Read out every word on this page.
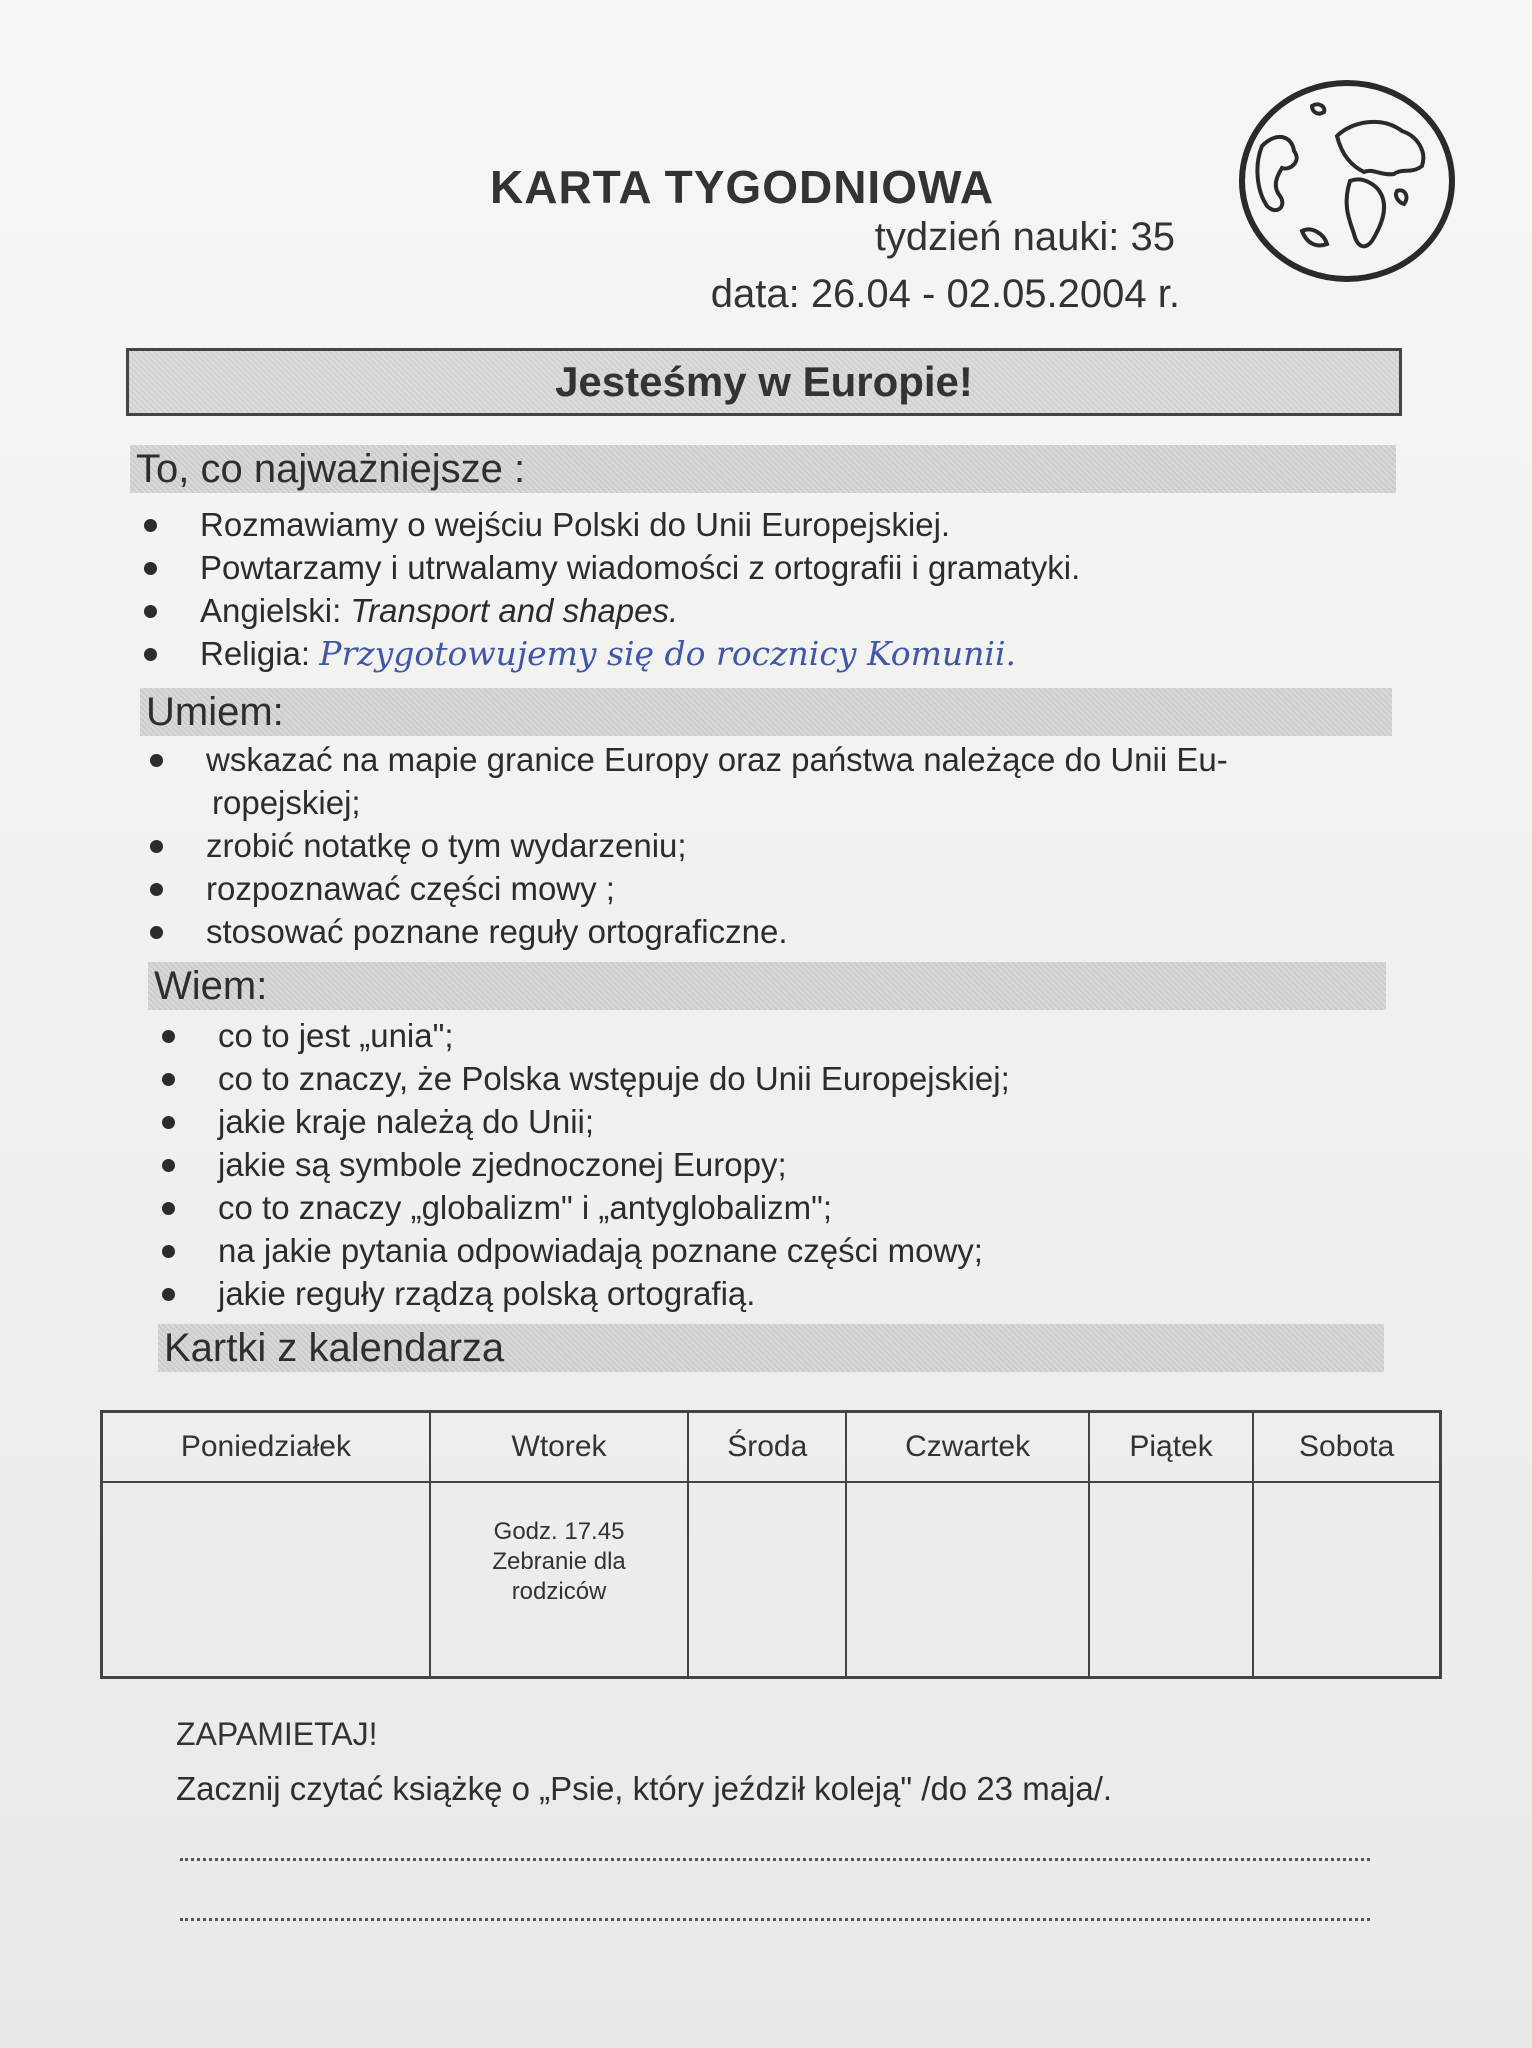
KARTA TYGODNIOWA
tydzień nauki: 35
data: 26.04 - 02.05.2004 r.
Jesteśmy w Europie!
To, co najważniejsze :
Rozmawiamy o wejściu Polski do Unii Europejskiej.
Powtarzamy i utrwalamy wiadomości z ortografii i gramatyki.
Angielski: Transport and shapes.
Religia: Przygotowujemy się do rocznicy Komunii.
Umiem:
wskazać na mapie granice Europy oraz państwa należące do Unii Eu-
ropejskiej;
zrobić notatkę o tym wydarzeniu;
rozpoznawać części mowy ;
stosować poznane reguły ortograficzne.
Wiem:
co to jest „unia";
co to znaczy, że Polska wstępuje do Unii Europejskiej;
jakie kraje należą do Unii;
jakie są symbole zjednoczonej Europy;
co to znaczy „globalizm" i „antyglobalizm";
na jakie pytania odpowiadają poznane części mowy;
jakie reguły rządzą polską ortografią.
Kartki z kalendarza
Poniedziałek	Wtorek	Środa	Czwartek	Piątek	Sobota

	Godz. 17.45
Zebranie dla
rodziców				

ZAPAMIETAJ!
Zacznij czytać książkę o „Psie, który jeździł koleją" /do 23 maja/.
